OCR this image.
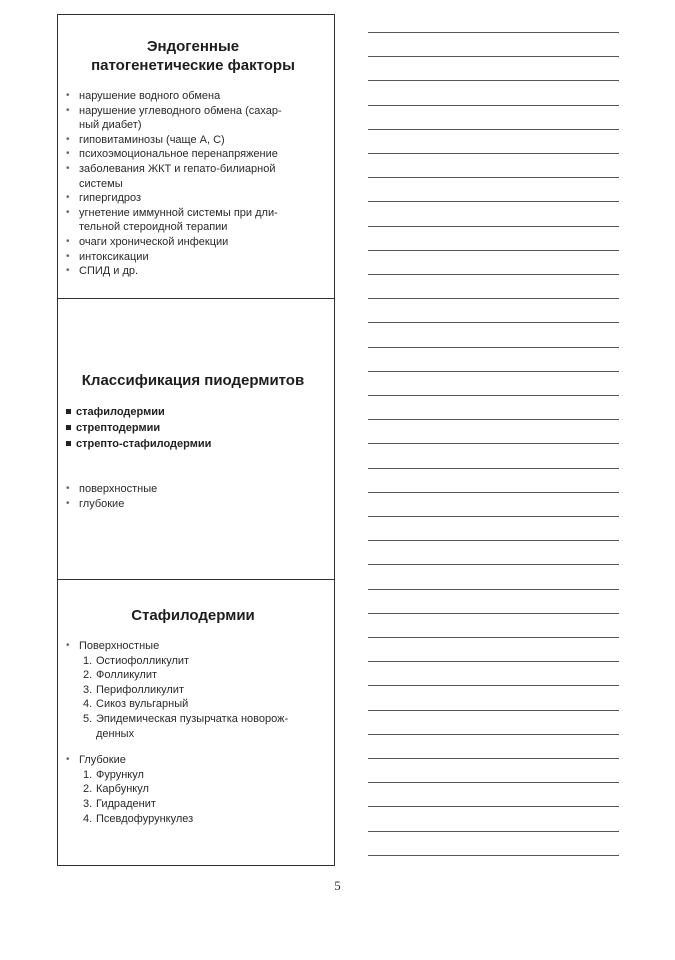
Эндогенные
патогенетические факторы
• нарушение водного обмена
• нарушение углеводного обмена (сахар-
ный диабет)
• гиповитаминозы (чаще А, С)
• психоэмоциональное перенапряжение
• заболевания ЖКТ и гепато-билиарной
системы
• гипергидроз
• угнетение иммунной системы при дли-
тельной стероидной терапии
• очаги хронической инфекции
• интоксикации
• СПИД и др.
Классификация пиодермитов
стафилодермии
стрептодермии
стрепто-стафилодермии
• поверхностные
• глубокие
Стафилодермии
• Поверхностные
1. Остиофолликулит
2. Фолликулит
3. Перифолликулит
4. Сикоз вульгарный
5. Эпидемическая пузырчатка новорож-
денных
• Глубокие
1. Фурункул
2. Карбункул
3. Гидраденит
4. Псевдофурункулез
5
